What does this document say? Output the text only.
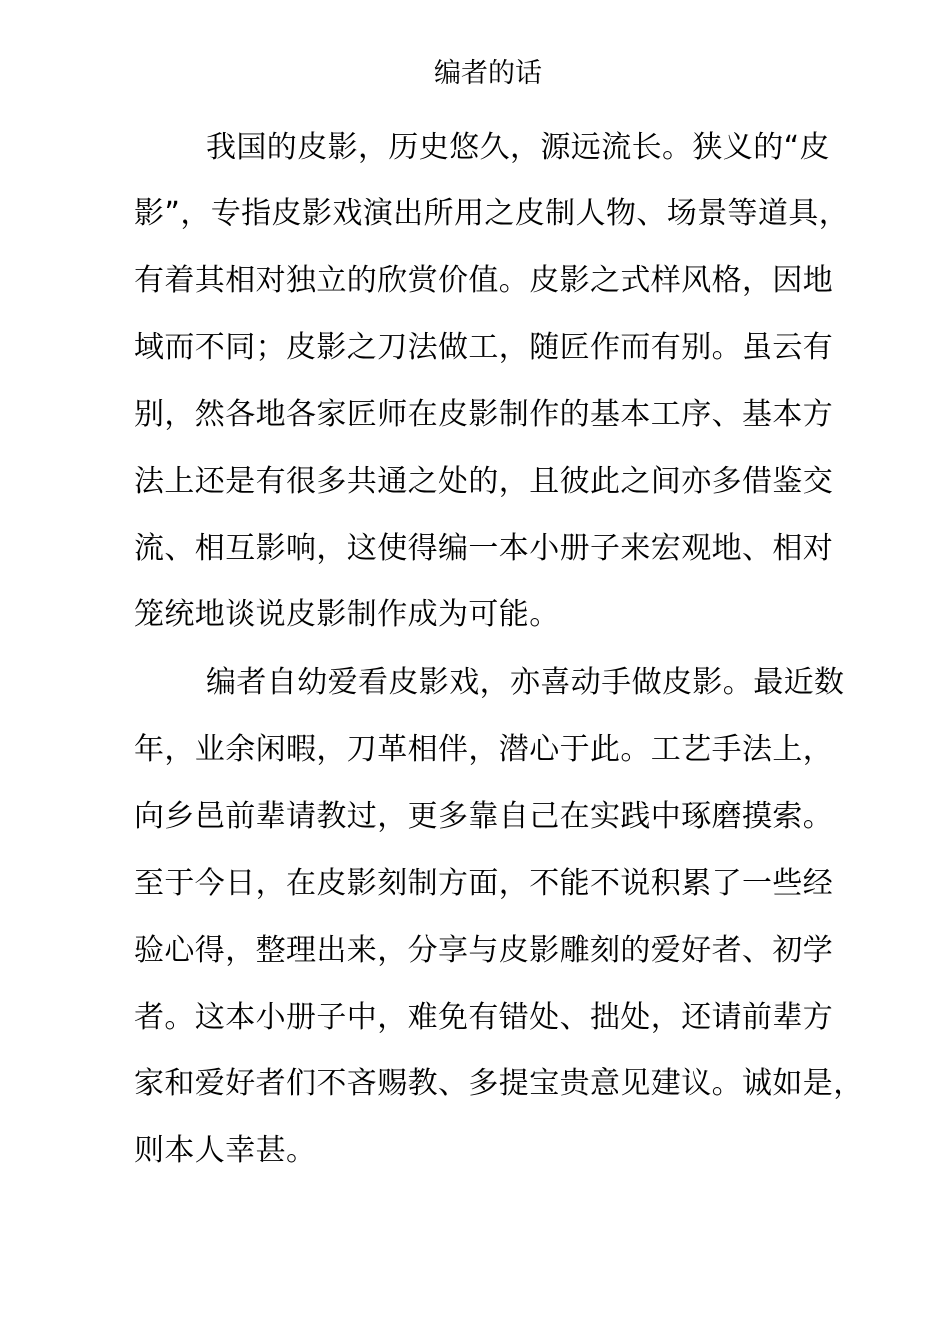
编者的话
我国的皮影，历史悠久，源远流长。狭义的“皮
影”，专指皮影戏演出所用之皮制人物、场景等道具，
有着其相对独立的欣赏价值。皮影之式样风格，因地
域而不同；皮影之刀法做工，随匠作而有别。虽云有
别，然各地各家匠师在皮影制作的基本工序、基本方
法上还是有很多共通之处的，且彼此之间亦多借鉴交
流、相互影响，这使得编一本小册子来宏观地、相对
笼统地谈说皮影制作成为可能。
编者自幼爱看皮影戏，亦喜动手做皮影。最近数
年，业余闲暇，刀革相伴，潜心于此。工艺手法上，
向乡邑前辈请教过，更多靠自己在实践中琢磨摸索。
至于今日，在皮影刻制方面，不能不说积累了一些经
验心得，整理出来，分享与皮影雕刻的爱好者、初学
者。这本小册子中，难免有错处、拙处，还请前辈方
家和爱好者们不吝赐教、多提宝贵意见建议。诚如是，
则本人幸甚。
